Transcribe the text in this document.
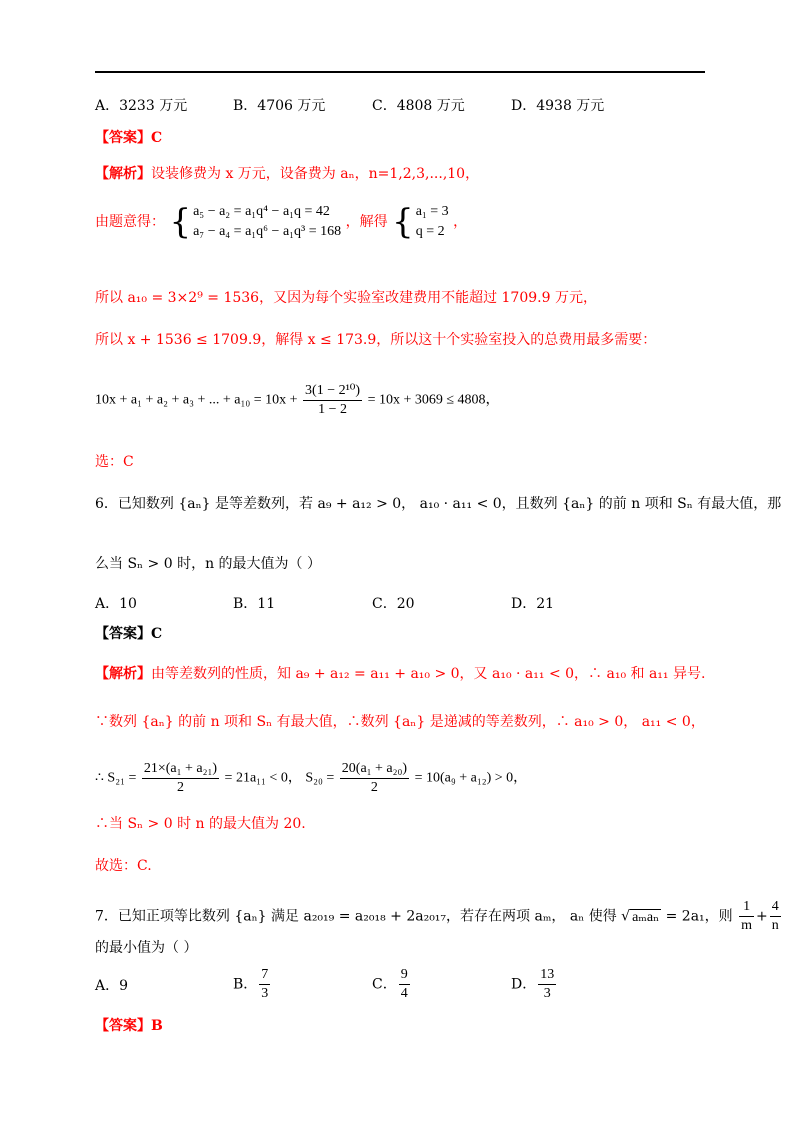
A．3233 万元	B．4706 万元	C．4808 万元	D．4938 万元
【答案】C
【解析】设装修费为 x 万元，设备费为 aₙ，n=1,2,3,...,10，
由题意得： { a₅ − a₂ = a₁q⁴ − a₁q = 42
a₇ − a₄ = a₁q⁶ − a₁q³ = 168
，解得 { a₁ = 3
q = 2
，
所以 a₁₀ = 3×2⁹ = 1536，又因为每个实验室改建费用不能超过 1709.9 万元，
所以 x + 1536 ≤ 1709.9，解得 x ≤ 173.9，所以这十个实验室投入的总费用最多需要：
10x + a₁ + a₂ + a₃ + ... + $a_{10} = 10x + \frac{\text{3(1 − 2¹⁰)}}{1 - 2} = 10x + 3069 \le 4808$，
选：C
6．已知数列 {aₙ} 是等差数列，若 a₉ + a₁₂ > 0， a₁₀ · a₁₁ < 0，且数列 {aₙ} 的前 n 项和 Sₙ 有最大值，那
么当 Sₙ > 0 时，n 的最大值为（ ）
A．10	B．11	C．20	D．21
【答案】C
【解析】由等差数列的性质，知 a₉ + a₁₂ = a₁₁ + a₁₀ > 0，又 a₁₀ · a₁₁ < 0，∴ a₁₀ 和 a₁₁ 异号.
∵数列 {aₙ} 的前 n 项和 Sₙ 有最大值，∴数列 {aₙ} 是递减的等差数列，∴ a₁₀ > 0， a₁₁ < 0，
∴ $S_{21} = \frac{\text{21×(a₁ + a₂₁)}}{2} = 21a_{11} < 0$， $S_{20} = \frac{\text{20(a₁ + a₂₀)}}{2} = 10(a_9 + a_{12}) > 0$，
∴当 Sₙ > 0 时 n 的最大值为 20.
故选：C.
7．已知正项等比数列 {aₙ} 满足 a₂₀₁₉ = a₂₀₁₈ + 2a₂₀₁₇，若存在两项 aₘ， aₙ 使得 √ aₘaₙ = 2a₁，则 $\frac{1}{m} + \frac{4}{n}$
的最小值为（ ）
A．9	B． $\frac{7}{3}$	C． $\frac{9}{4}$	D． $\frac{13}{3}$
【答案】B
